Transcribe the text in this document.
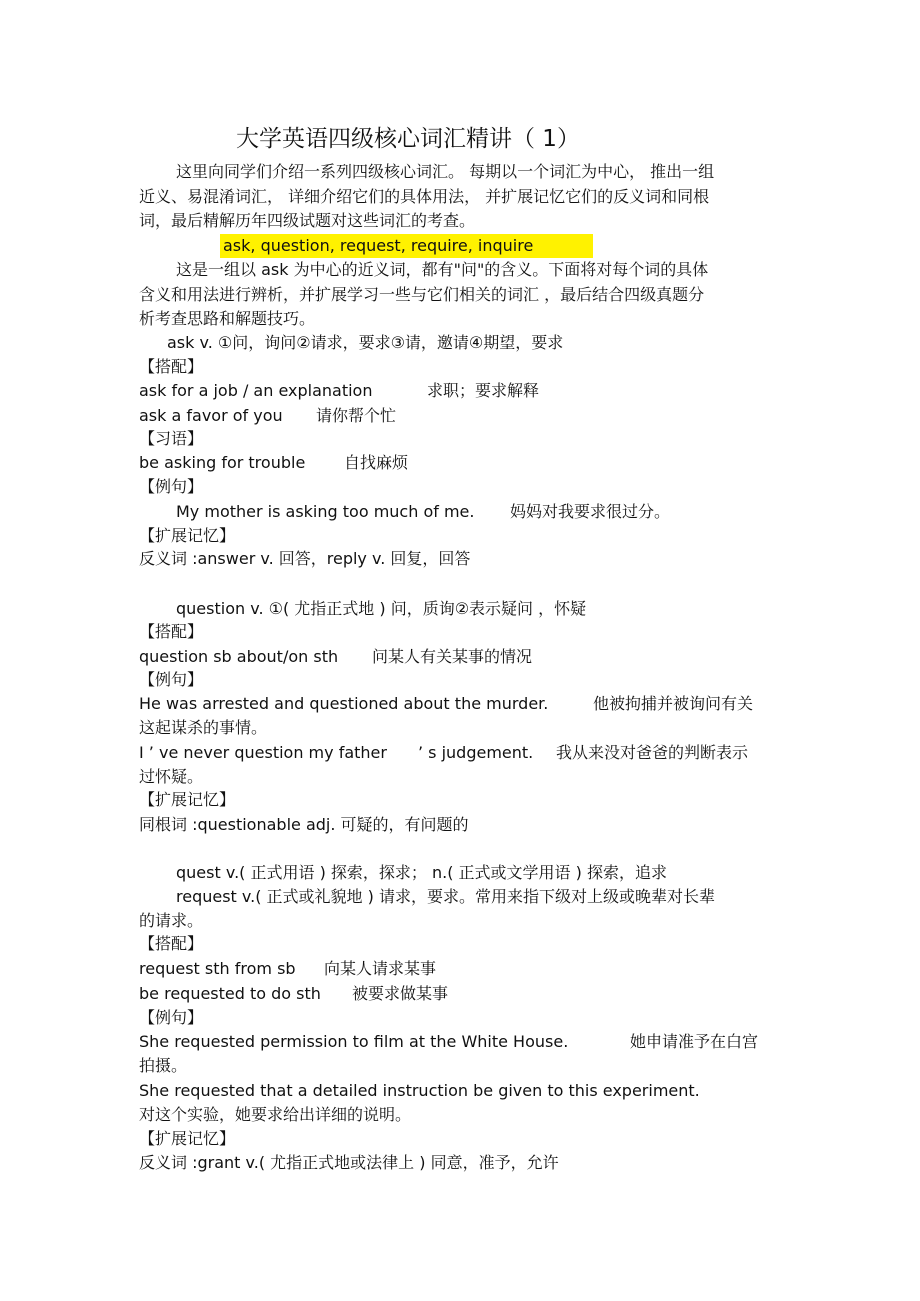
大学英语四级核心词汇精讲（ 1）
这里向同学们介绍一系列四级核心词汇。 每期以一个词汇为中心， 推出一组
近义、易混淆词汇， 详细介绍它们的具体用法， 并扩展记忆它们的反义词和同根
词，最后精解历年四级试题对这些词汇的考查。
ask, question, request, require, inquire
这是一组以 ask 为中心的近义词，都有"问"的含义。下面将对每个词的具体
含义和用法进行辨析，并扩展学习一些与它们相关的词汇 ，最后结合四级真题分
析考查思路和解题技巧。
ask v. ①问，询问②请求，要求③请，邀请④期望，要求
【搭配】
ask for a job / an explanation	求职；要求解释
ask a favor of you 请你帮个忙
【习语】
be asking for trouble 自找麻烦
【例句】
My mother is asking too much of me. 妈妈对我要求很过分。
【扩展记忆】
反义词 :answer v. 回答，reply v. 回复，回答
question v. ①( 尤指正式地 ) 问，质询②表示疑问 ，怀疑
【搭配】
question sb about/on sth 问某人有关某事的情况
【例句】
He was arrested and questioned about the murder.	他被拘捕并被询问有关
这起谋杀的事情。
I ’ ve never question my father ’ s judgement. 我从来没对爸爸的判断表示
过怀疑。
【扩展记忆】
同根词 :questionable adj. 可疑的，有问题的
quest v.( 正式用语 ) 探索，探求； n.( 正式或文学用语 ) 探索，追求
request v.( 正式或礼貌地 ) 请求，要求。常用来指下级对上级或晚辈对长辈
的请求。
【搭配】
request sth from sb 向某人请求某事
be requested to do sth 被要求做某事
【例句】
She requested permission to film at the White House.	她申请准予在白宫
拍摄。
She requested that a detailed instruction be given to this experiment.
对这个实验，她要求给出详细的说明。
【扩展记忆】
反义词 :grant v.( 尤指正式地或法律上 ) 同意，准予，允许
